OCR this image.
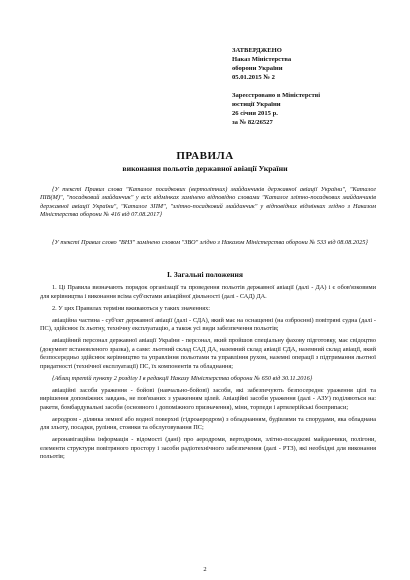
ЗАТВЕРДЖЕНО
Наказ Міністерства
оборони України
05.01.2015 № 2
Зареєстровано в Міністерстві
юстиції України
26 січня 2015 р.
за № 82/26527
ПРАВИЛА
виконання польотів державної авіації України
{У тексті Правил слова "Каталог посадкових (вертолітних) майданчиків державної авіації України", "Каталог ПІВ(М)", "посадковий майданчик" у всіх відмінках замінено відповідно словами "Каталог злітно-посадкових майданчиків державної авіації України", "Каталог ЗПМ", "злітно-посадковий майданчик" у відповідних відмінках згідно з Наказом Міністерства оборони № 416 від 07.08.2017}
{У тексті Правил слово "ВНЗ" замінено словом "ЗВО" згідно з Наказом Міністерства оборони № 533 від 08.08.2025}
І. Загальні положення

1. Ці Правила визначають порядок організації та проведення польотів державної авіації (далі - ДА) і є обов'язковими для керівництва і виконання всіма суб'єктами авіаційної діяльності (далі - САД) ДА.

2. У цих Правилах терміни вживаються у таких значеннях:

авіаційна частина - суб'єкт державної авіації (далі - СДА), який має на оснащенні (на озброєнні) повітряні судна (далі - ПС), здійснює їх льотну, технічну експлуатацію, а також усі види забезпечення польотів;

авіаційний персонал державної авіації України - персонал, який пройшов спеціальну фахову підготовку, має свідоцтво (документ встановленого зразка), а саме: льотний склад САД ДА, наземний склад авіації СДА, наземний склад авіації, який безпосередньо здійснює керівництво та управління польотами та управління рухом, наземні операції з підтримання льотної придатності (технічної експлуатації) ПС, їх компонентів та обладнання;

{Абзац третій пункту 2 розділу І в редакції Наказу Міністерства оборони № 650 від 30.11.2016}

авіаційні засоби ураження - бойові (навчально-бойові) засоби, які забезпечують безпосереднє ураження цілі та вирішення допоміжних завдань, не пов'язаних з ураженням цілей. Авіаційні засоби ураження (далі - АЗУ) поділяються на: ракети, бомбардувальні засоби (основного і допоміжного призначення), міни, торпеди і артилерійські боєприпаси;

аеродром - ділянка земної або водної поверхні (гідроаеродром) з обладнанням, будівлями та спорудами, яка обладнана для зльоту, посадки, руління, стоянки та обслуговування ПС;

аеронавігаційна інформація - відомості (дані) про аеродроми, вертодроми, злітно-посадкові майданчики, полігони, елементи структури повітряного простору і засоби радіотехнічного забезпечення (далі - РТЗ), які необхідні для виконання польотів;

2
